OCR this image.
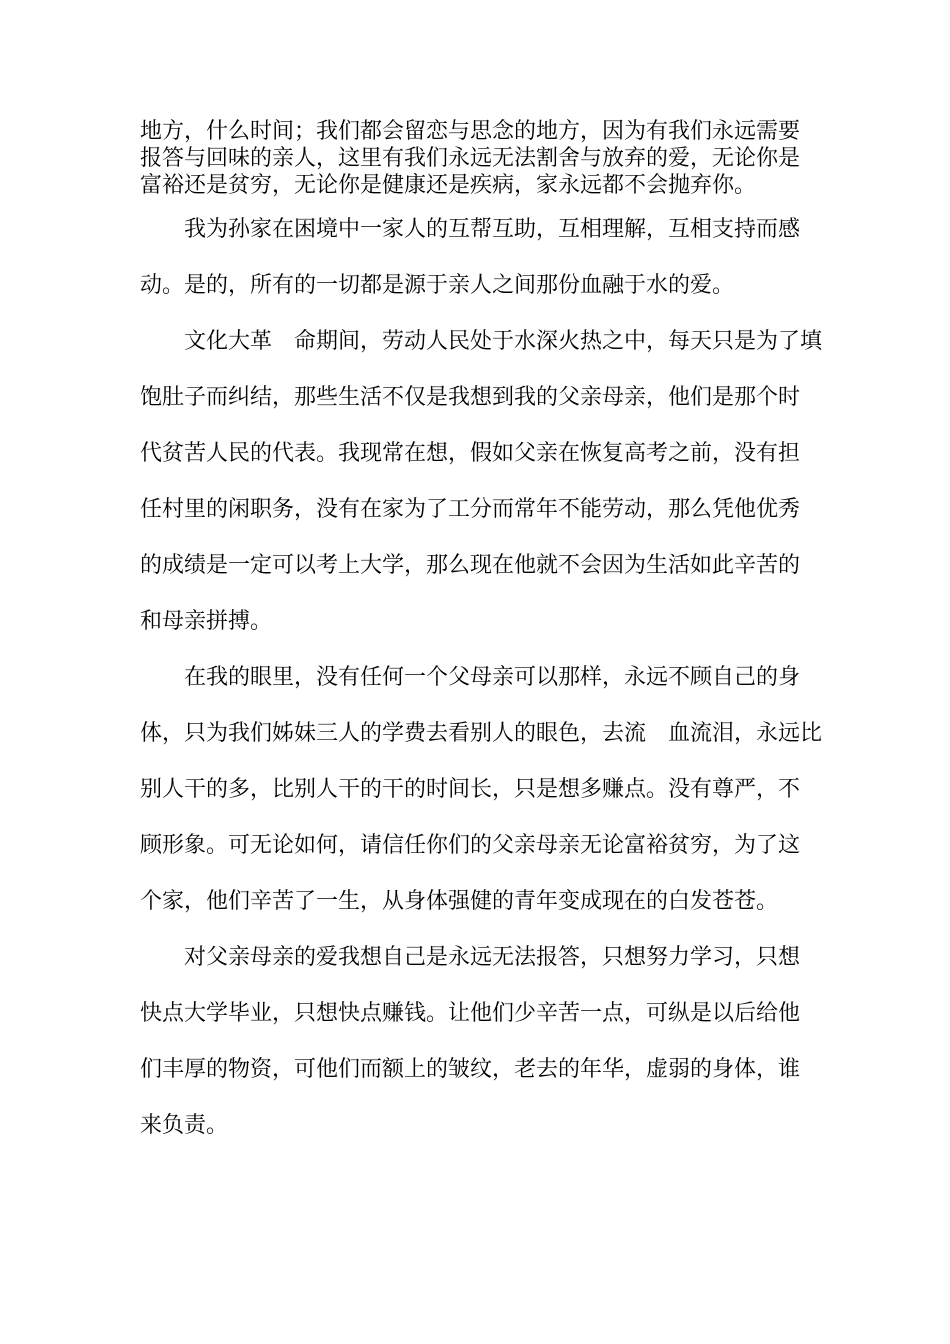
地方，什么时间；我们都会留恋与思念的地方，因为有我们永远需要
报答与回味的亲人，这里有我们永远无法割舍与放弃的爱，无论你是
富裕还是贫穷，无论你是健康还是疾病，家永远都不会抛弃你。
我为孙家在困境中一家人的互帮互助，互相理解，互相支持而感
动。是的，所有的一切都是源于亲人之间那份血融于水的爱。
文化大革　命期间，劳动人民处于水深火热之中，每天只是为了填
饱肚子而纠结，那些生活不仅是我想到我的父亲母亲，他们是那个时
代贫苦人民的代表。我现常在想，假如父亲在恢复高考之前，没有担
任村里的闲职务，没有在家为了工分而常年不能劳动，那么凭他优秀
的成绩是一定可以考上大学，那么现在他就不会因为生活如此辛苦的
和母亲拼搏。
在我的眼里，没有任何一个父母亲可以那样，永远不顾自己的身
体，只为我们姊妹三人的学费去看别人的眼色，去流　血流泪，永远比
别人干的多，比别人干的干的时间长，只是想多赚点。没有尊严，不
顾形象。可无论如何，请信任你们的父亲母亲无论富裕贫穷，为了这
个家，他们辛苦了一生，从身体强健的青年变成现在的白发苍苍。
对父亲母亲的爱我想自己是永远无法报答，只想努力学习，只想
快点大学毕业，只想快点赚钱。让他们少辛苦一点，可纵是以后给他
们丰厚的物资，可他们而额上的皱纹，老去的年华，虚弱的身体，谁
来负责。
